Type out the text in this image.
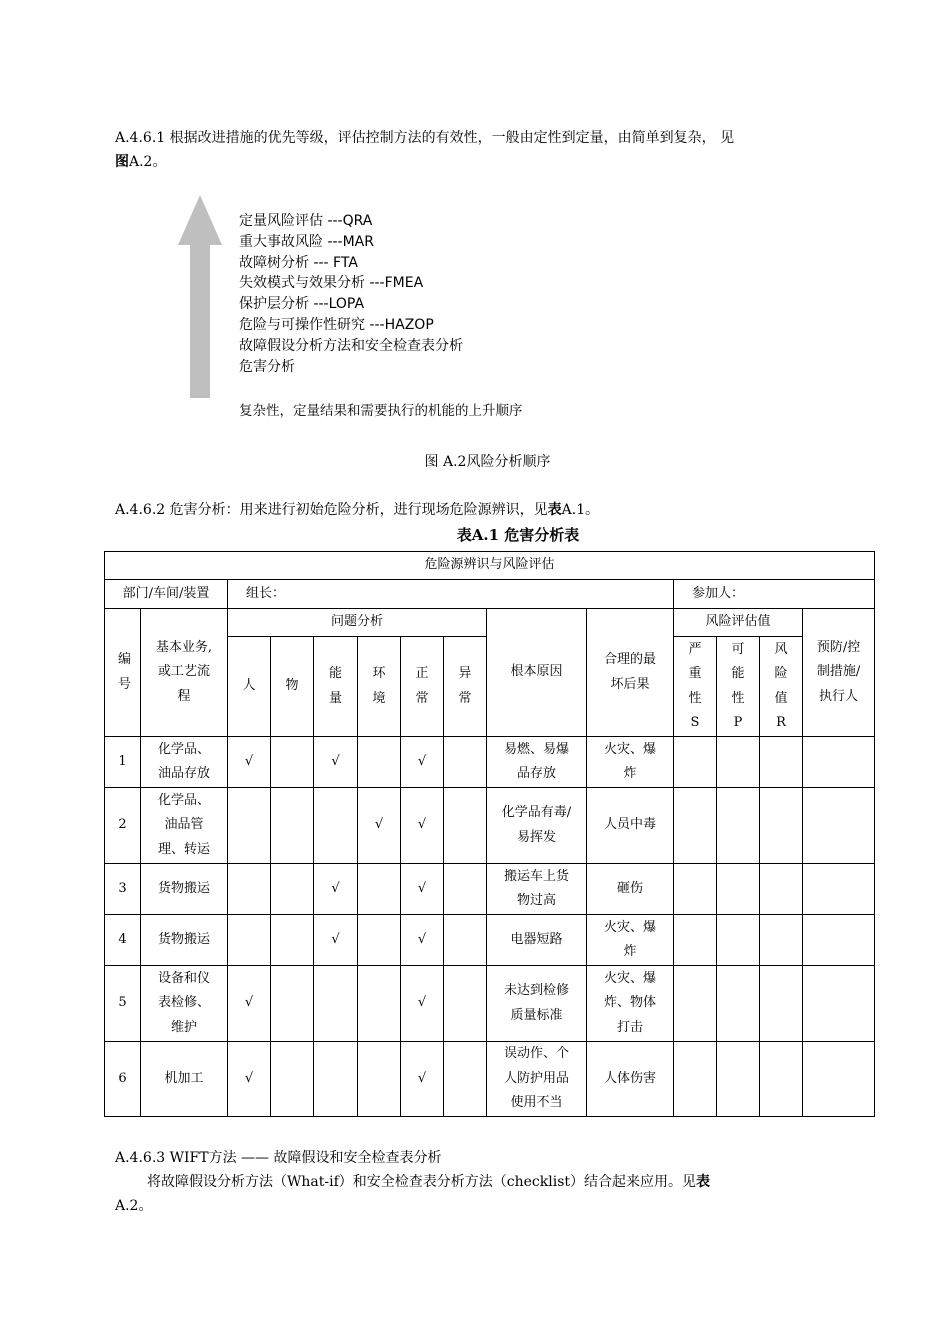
A.4.6.1 根据改进措施的优先等级，评估控制方法的有效性，一般由定性到定量，由简单到复杂， 见
图A.2。
定量风险评估 ---QRA
重大事故风险 ---MAR
故障树分析 --- FTA
失效模式与效果分析 ---FMEA
保护层分析 ---LOPA
危险与可操作性研究 ---HAZOP
故障假设分析方法和安全检查表分析
危害分析
复杂性，定量结果和需要执行的机能的上升顺序
图 A.2风险分析顺序
A.4.6.2 危害分析：用来进行初始危险分析，进行现场危险源辨识，见表A.1。
表A.1 危害分析表
危险源辨识与风险评估													
部门/车间/装置		组长：								参加人：			
编号	基本业务,或工艺流程	问题分析						根本原因	合理的最坏后果	风险评估值			预防/控制措施/执行人
		人	物	能量	环境	正常	异常			严重性S	可能性P	风险值R	
1	化学品、油品存放	√		√		√		易燃、易爆品存放	火灾、爆炸				
2	化学品、油品管理、转运				√	√		化学品有毒/易挥发	人员中毒				
3	货物搬运			√		√		搬运车上货物过高	砸伤				
4	货物搬运			√		√		电器短路	火灾、爆炸				
5	设备和仪表检修、维护	√				√		未达到检修质量标准	火灾、爆炸、物体打击				
6	机加工	√				√		误动作、个人防护用品使用不当	人体伤害				
A.4.6.3 WIFT方法 —— 故障假设和安全检查表分析
将故障假设分析方法（What-if）和安全检查表分析方法（checklist）结合起来应用。见表
A.2。
